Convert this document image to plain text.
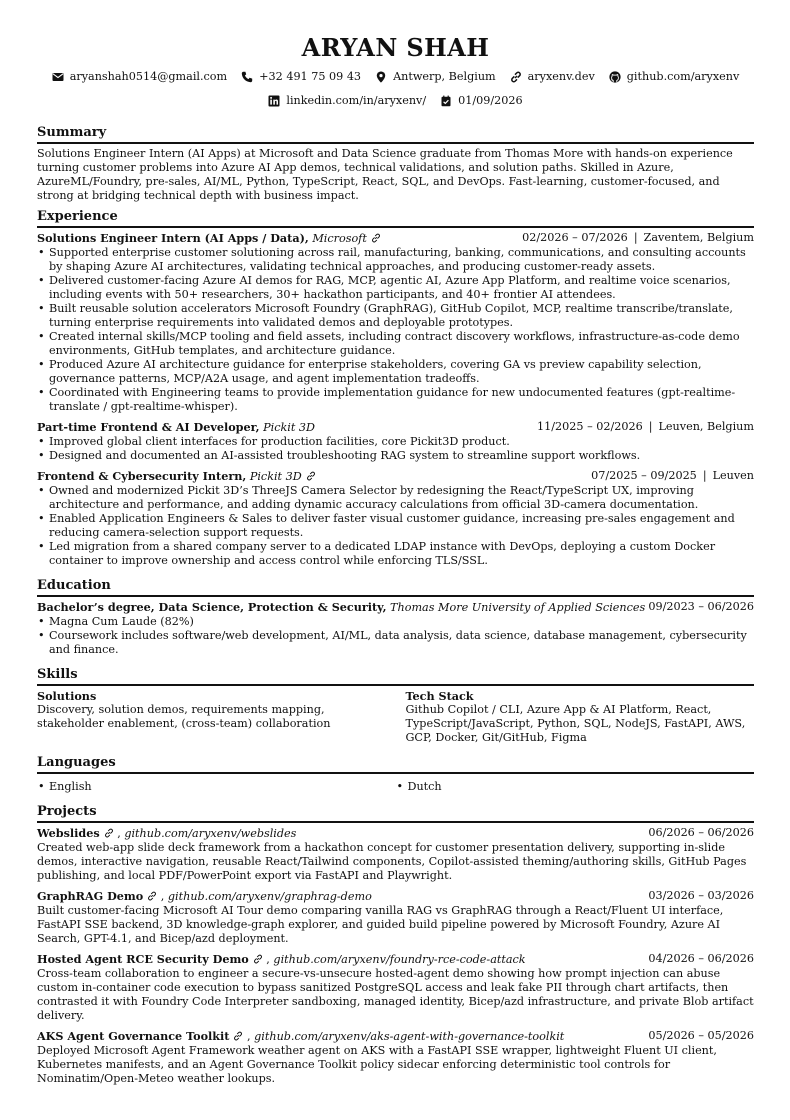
ARYAN SHAH
aryanshah0514@gmail.com	+32 491 75 09 43	Antwerp, Belgium	aryxenv.dev	github.com/aryxenv
linkedin.com/in/aryxenv/	01/09/2026
Summary
Solutions Engineer Intern (AI Apps) at Microsoft and Data Science graduate from Thomas More with hands-on experience turning customer problems into Azure AI App demos, technical validations, and solution paths. Skilled in Azure, AzureML/Foundry, pre-sales, AI/ML, Python, TypeScript, React, SQL, and DevOps. Fast-learning, customer-focused, and strong at bridging technical depth with business impact.
Experience
Solutions Engineer Intern (AI Apps / Data), Microsoft	02/2026 – 07/2026 | Zaventem, Belgium
• Supported enterprise customer solutioning across rail, manufacturing, banking, communications, and consulting accounts by shaping Azure AI architectures, validating technical approaches, and producing customer-ready assets.
• Delivered customer-facing Azure AI demos for RAG, MCP, agentic AI, Azure App Platform, and realtime voice scenarios, including events with 50+ researchers, 30+ hackathon participants, and 40+ frontier AI attendees.
• Built reusable solution accelerators Microsoft Foundry (GraphRAG), GitHub Copilot, MCP, realtime transcribe/translate, turning enterprise requirements into validated demos and deployable prototypes.
• Created internal skills/MCP tooling and field assets, including contract discovery workflows, infrastructure-as-code demo environments, GitHub templates, and architecture guidance.
• Produced Azure AI architecture guidance for enterprise stakeholders, covering GA vs preview capability selection, governance patterns, MCP/A2A usage, and agent implementation tradeoffs.
• Coordinated with Engineering teams to provide implementation guidance for new undocumented features (gpt-realtime-translate / gpt-realtime-whisper).
Part-time Frontend & AI Developer, Pickit 3D	11/2025 – 02/2026 | Leuven, Belgium
• Improved global client interfaces for production facilities, core Pickit3D product.
• Designed and documented an AI-assisted troubleshooting RAG system to streamline support workflows.
Frontend & Cybersecurity Intern, Pickit 3D	07/2025 – 09/2025 | Leuven
• Owned and modernized Pickit 3D’s ThreeJS Camera Selector by redesigning the React/TypeScript UX, improving architecture and performance, and adding dynamic accuracy calculations from official 3D-camera documentation.
• Enabled Application Engineers & Sales to deliver faster visual customer guidance, increasing pre-sales engagement and reducing camera-selection support requests.
• Led migration from a shared company server to a dedicated LDAP instance with DevOps, deploying a custom Docker container to improve ownership and access control while enforcing TLS/SSL.
Education
Bachelor’s degree, Data Science, Protection & Security, Thomas More University of Applied Sciences 09/2023 – 06/2026
• Magna Cum Laude (82%)
• Coursework includes software/web development, AI/ML, data analysis, data science, database management, cybersecurity and finance.
Skills
Solutions
Discovery, solution demos, requirements mapping, stakeholder enablement, (cross-team) collaboration
Tech Stack
Github Copilot / CLI, Azure App & AI Platform, React, TypeScript/JavaScript, Python, SQL, NodeJS, FastAPI, AWS, GCP, Docker, Git/GitHub, Figma
Languages
• English
•	Dutch
Projects
Webslides
, github.com/aryxenv/webslides	06/2026 – 06/2026
Created web-app slide deck framework from a hackathon concept for customer presentation delivery, supporting in-slide demos, interactive navigation, reusable React/Tailwind components, Copilot-assisted theming/authoring skills, GitHub Pages publishing, and local PDF/PowerPoint export via FastAPI and Playwright.
GraphRAG Demo
, github.com/aryxenv/graphrag-demo	03/2026 – 03/2026
Built customer-facing Microsoft AI Tour demo comparing vanilla RAG vs GraphRAG through a React/Fluent UI interface, FastAPI SSE backend, 3D knowledge-graph explorer, and guided build pipeline powered by Microsoft Foundry, Azure AI Search, GPT-4.1, and Bicep/azd deployment.
Hosted Agent RCE Security Demo
, github.com/aryxenv/foundry-rce-code-attack	04/2026 – 06/2026
Cross-team collaboration to engineer a secure-vs-unsecure hosted-agent demo showing how prompt injection can abuse custom in-container code execution to bypass sanitized PostgreSQL access and leak fake PII through chart artifacts, then contrasted it with Foundry Code Interpreter sandboxing, managed identity, Bicep/azd infrastructure, and private Blob artifact delivery.
AKS Agent Governance Toolkit
, github.com/aryxenv/aks-agent-with-governance-toolkit	05/2026 – 05/2026
Deployed Microsoft Agent Framework weather agent on AKS with a FastAPI SSE wrapper, lightweight Fluent UI client, Kubernetes manifests, and an Agent Governance Toolkit policy sidecar enforcing deterministic tool controls for Nominatim/Open-Meteo weather lookups.
